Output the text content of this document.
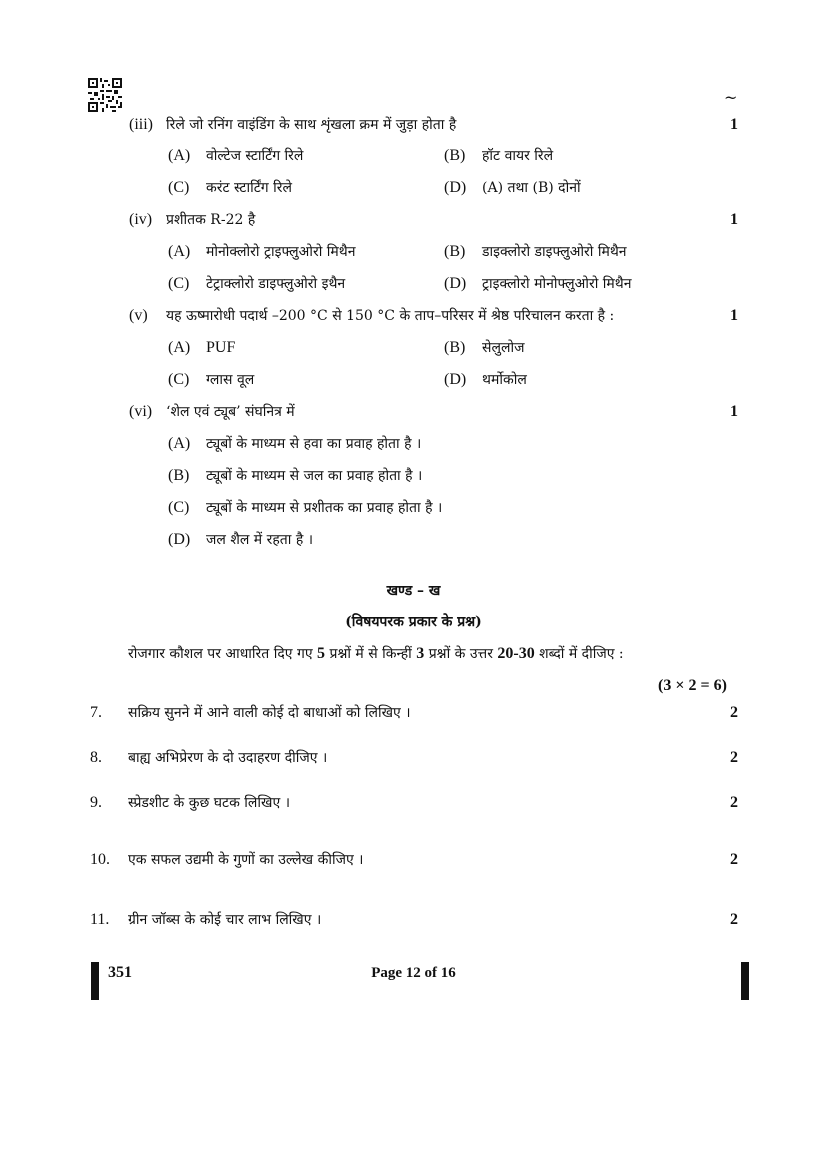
~
(iii) रिले जो रनिंग वाइंडिंग के साथ शृंखला क्रम में जुड़ा होता है	1
(A) वोल्टेज स्टार्टिंग रिले	(B) हॉट वायर रिले
(C) करंट स्टार्टिंग रिले	(D) (A) तथा (B) दोनों
(iv) प्रशीतक R-22 है	1
(A) मोनोक्लोरो ट्राइफ्लुओरो मिथैन	(B) डाइक्लोरो डाइफ्लुओरो मिथैन
(C) टेट्राक्लोरो डाइफ्लुओरो इथैन	(D) ट्राइक्लोरो मोनोफ्लुओरो मिथैन
(v) यह ऊष्मारोधी पदार्थ –200 °C से 150 °C के ताप–परिसर में श्रेष्ठ परिचालन करता है :	1
(A) PUF	(B) सेलुलोज
(C) ग्लास वूल	(D) थर्मोकोल
(vi) ‘शेल एवं ट्यूब’ संघनित्र में	1
(A) ट्यूबों के माध्यम से हवा का प्रवाह होता है ।
(B) ट्यूबों के माध्यम से जल का प्रवाह होता है ।
(C) ट्यूबों के माध्यम से प्रशीतक का प्रवाह होता है ।
(D) जल शैल में रहता है ।
खण्ड – ख
(विषयपरक प्रकार के प्रश्न)
रोजगार कौशल पर आधारित दिए गए 5 प्रश्नों में से किन्हीं 3 प्रश्नों के उत्तर 20-30 शब्दों में दीजिए :
(3 × 2 = 6)
7. सक्रिय सुनने में आने वाली कोई दो बाधाओं को लिखिए ।	2
8. बाह्य अभिप्रेरण के दो उदाहरण दीजिए ।	2
9. स्प्रेडशीट के कुछ घटक लिखिए ।	2
10. एक सफल उद्यमी के गुणों का उल्लेख कीजिए ।	2
11. ग्रीन जॉब्स के कोई चार लाभ लिखिए ।	2
351	Page 12 of 16
